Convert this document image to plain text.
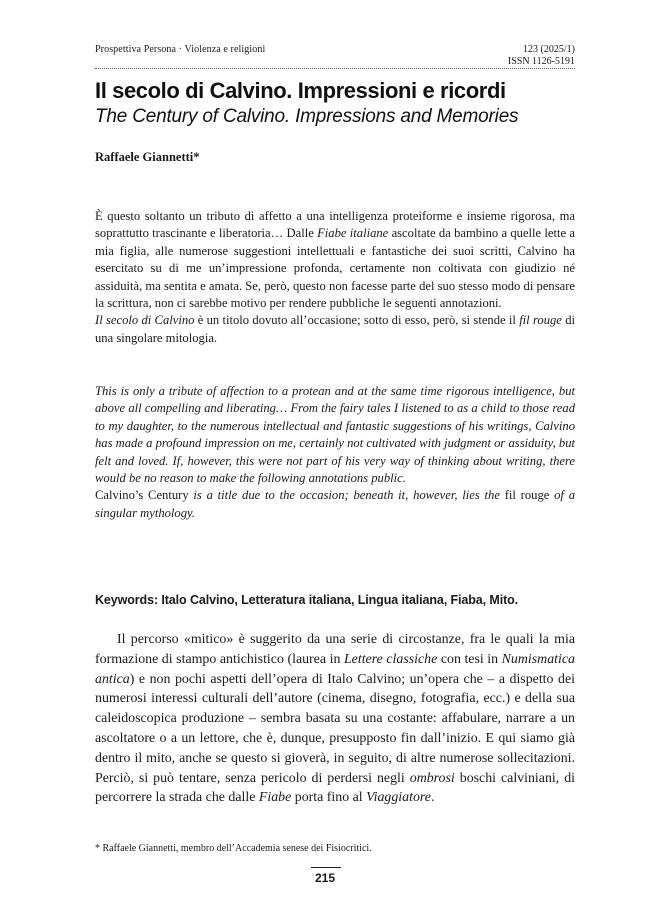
Prospettiva Persona · Violenza e religioni	123 (2025/1)
ISSN 1126-5191
Il secolo di Calvino. Impressioni e ricordi
The Century of Calvino. Impressions and Memories
Raffaele Giannetti*
È questo soltanto un tributo di affetto a una intelligenza proteiforme e insieme rigorosa, ma soprattutto trascinante e liberatoria… Dalle Fiabe italiane ascoltate da bambino a quelle lette a mia figlia, alle numerose suggestioni intellettuali e fantastiche dei suoi scritti, Calvino ha esercitato su di me un’impressione profonda, certamente non coltivata con giudizio né assiduità, ma sentita e amata. Se, però, questo non facesse parte del suo stesso modo di pensare la scrittura, non ci sarebbe motivo per rendere pubbliche le seguenti annotazioni.
Il secolo di Calvino è un titolo dovuto all’occasione; sotto di esso, però, si stende il fil rouge di una singolare mitologia.
This is only a tribute of affection to a protean and at the same time rigorous intelligence, but above all compelling and liberating… From the fairy tales I listened to as a child to those read to my daughter, to the numerous intellectual and fantastic suggestions of his writings, Calvino has made a profound impression on me, certainly not cultivated with judgment or assiduity, but felt and loved. If, however, this were not part of his very way of thinking about writing, there would be no reason to make the following annotations public.
Calvino’s Century is a title due to the occasion; beneath it, however, lies the fil rouge of a singular mythology.
Keywords: Italo Calvino, Letteratura italiana, Lingua italiana, Fiaba, Mito.
Il percorso «mitico» è suggerito da una serie di circostanze, fra le quali la mia formazione di stampo antichistico (laurea in Lettere classiche con tesi in Numismatica antica) e non pochi aspetti dell’opera di Italo Calvino; un’opera che – a dispetto dei numerosi interessi culturali dell’autore (cinema, disegno, fotografia, ecc.) e della sua caleidoscopica produzione – sembra basata su una costante: affabulare, narrare a un ascoltatore o a un lettore, che è, dunque, presupposto fin dall’inizio. E qui siamo già dentro il mito, anche se questo si gioverà, in seguito, di altre numerose sollecitazioni. Perciò, si può tentare, senza pericolo di perdersi negli ombrosi boschi calviniani, di percorrere la strada che dalle Fiabe porta fino al Viaggiatore.
* Raffaele Giannetti, membro dell’Accademia senese dei Fisiocritici.
215
